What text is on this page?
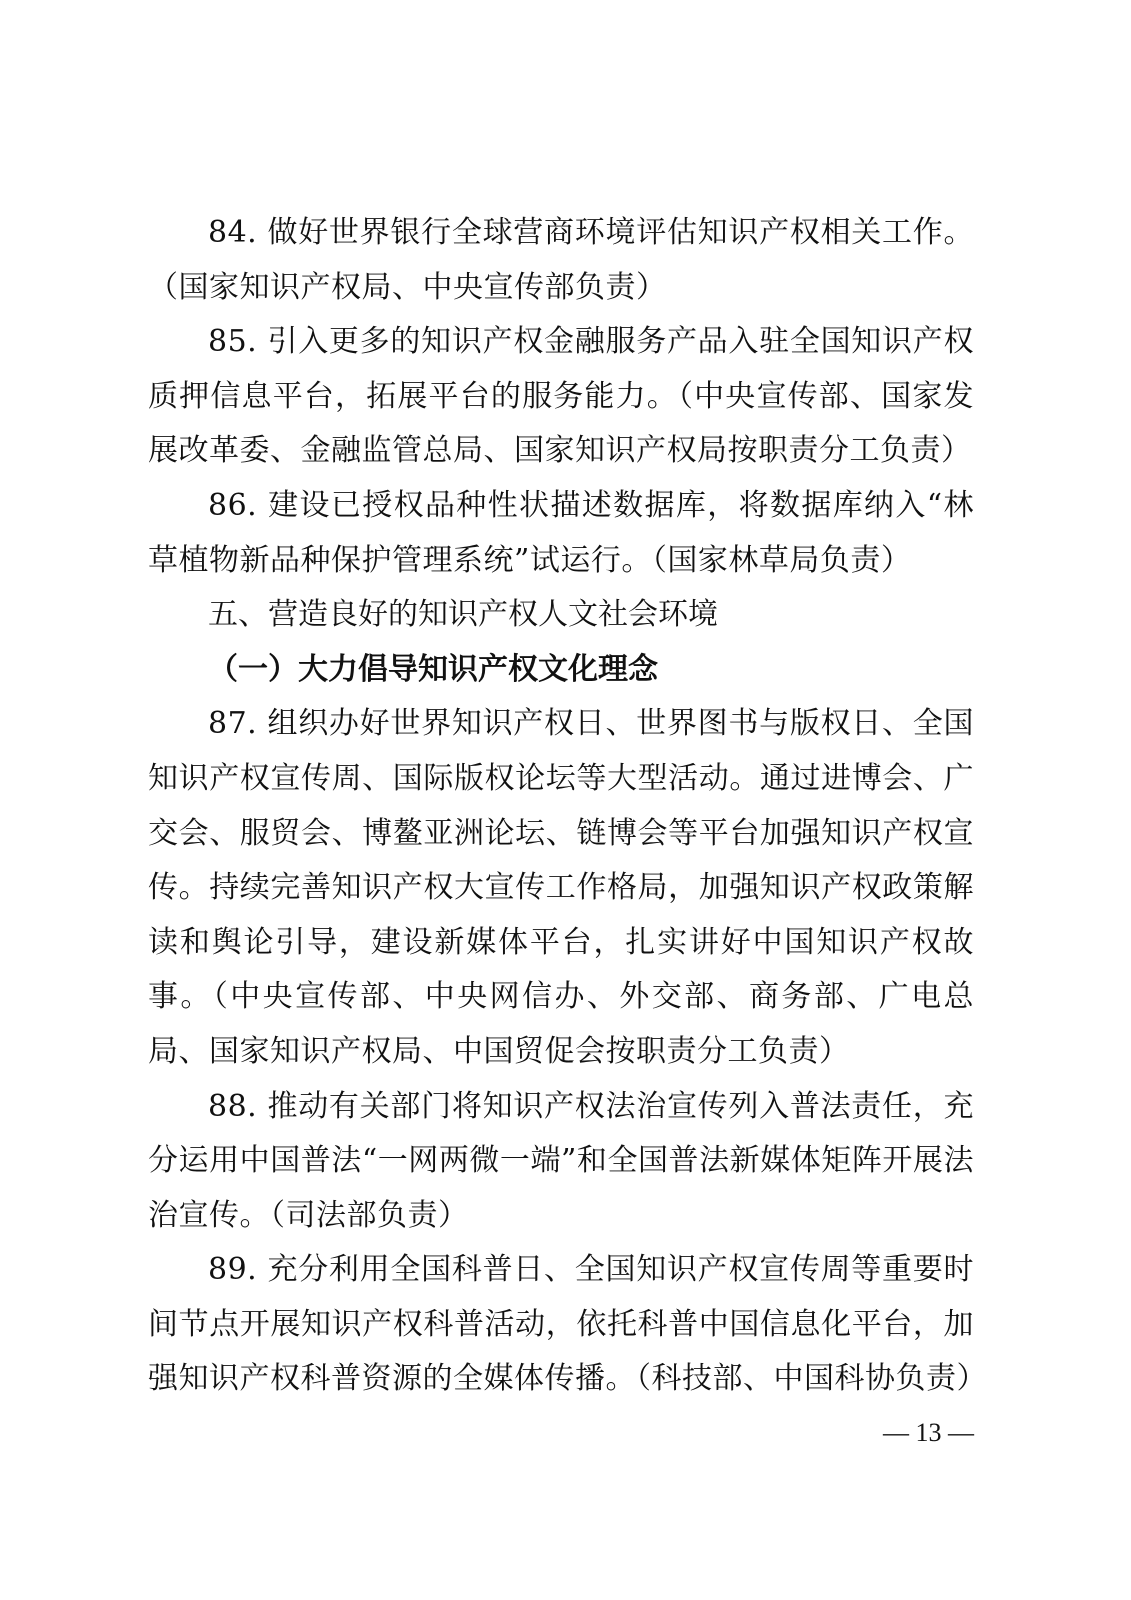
84. 做好世界银行全球营商环境评估知识产权相关工作。（国家知识产权局、中央宣传部负责）

85. 引入更多的知识产权金融服务产品入驻全国知识产权质押信息平台，拓展平台的服务能力。（中央宣传部、国家发展改革委、金融监管总局、国家知识产权局按职责分工负责）

86. 建设已授权品种性状描述数据库，将数据库纳入“林草植物新品种保护管理系统”试运行。（国家林草局负责）

五、营造良好的知识产权人文社会环境
（一）大力倡导知识产权文化理念

87. 组织办好世界知识产权日、世界图书与版权日、全国知识产权宣传周、国际版权论坛等大型活动。通过进博会、广交会、服贸会、博鳌亚洲论坛、链博会等平台加强知识产权宣传。持续完善知识产权大宣传工作格局，加强知识产权政策解读和舆论引导，建设新媒体平台，扎实讲好中国知识产权故事。（中央宣传部、中央网信办、外交部、商务部、广电总局、国家知识产权局、中国贸促会按职责分工负责）

88. 推动有关部门将知识产权法治宣传列入普法责任，充分运用中国普法“一网两微一端”和全国普法新媒体矩阵开展法治宣传。（司法部负责）

89. 充分利用全国科普日、全国知识产权宣传周等重要时间节点开展知识产权科普活动，依托科普中国信息化平台，加强知识产权科普资源的全媒体传播。（科技部、中国科协负责）

— 13 —
